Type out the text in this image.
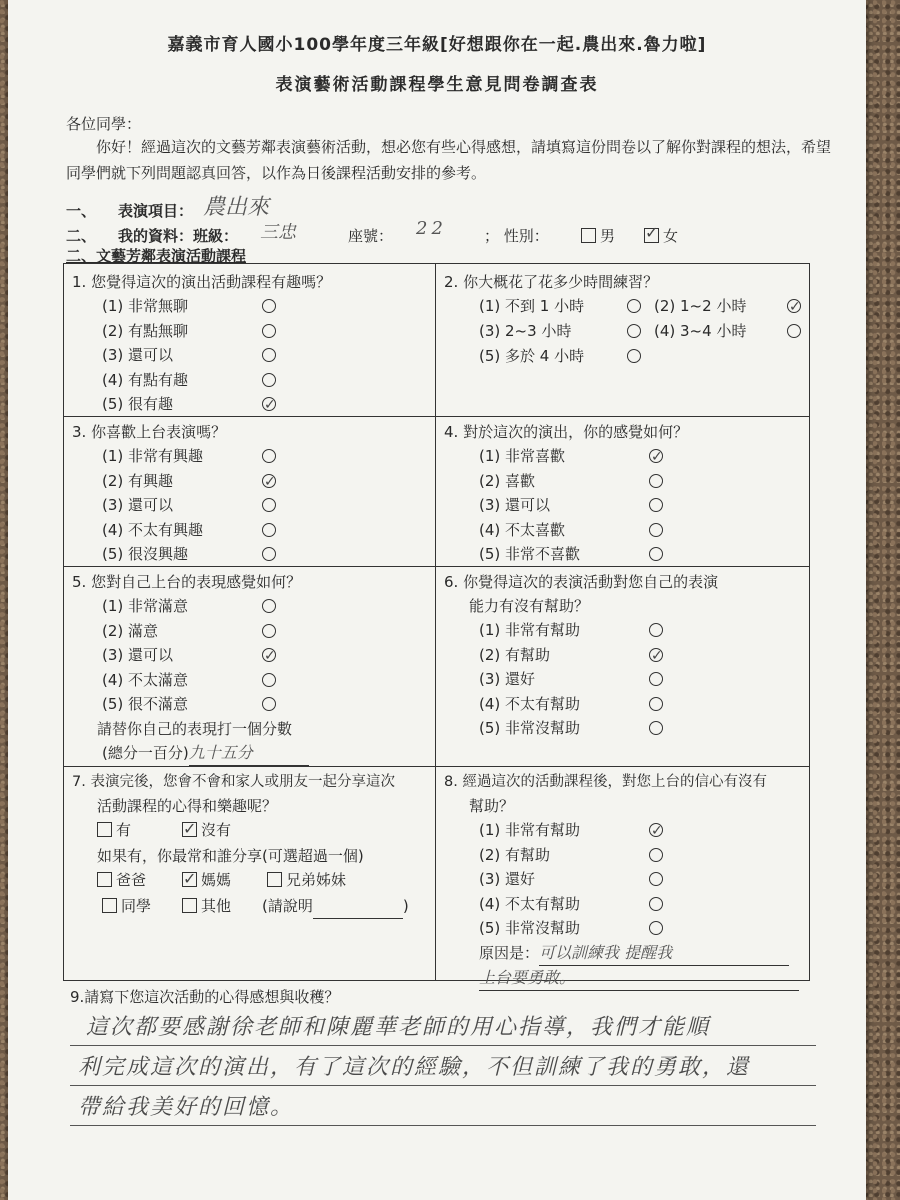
嘉義市育人國小100學年度三年級[好想跟你在一起.農出來.魯力啦]
表演藝術活動課程學生意見問卷調查表
各位同學：
你好！經過這次的文藝芳鄰表演藝術活動，想必您有些心得感想，請填寫這份問卷以了解你對課程的想法，希望同學們就下列問題認真回答，以作為日後課程活動安排的參考。
一、 表演項目： 農出來
二、 我的資料：班級： 三忠	座號： 22 ； 性別：	男 ✓	女
二、文藝芳鄰表演活動課程
1. 您覺得這次的演出活動課程有趣嗎？
(1) 非常無聊
(2) 有點無聊
(3) 還可以
(4) 有點有趣
(5) 很有趣
✓
2. 你大概花了花多少時間練習？
(1) 不到 1 小時	(2) 1~2 小時
✓
(3) 2~3 小時	(4) 3~4 小時
(5) 多於 4 小時
3. 你喜歡上台表演嗎？
(1) 非常有興趣
(2) 有興趣
✓
(3) 還可以
(4) 不太有興趣
(5) 很沒興趣
4. 對於這次的演出，你的感覺如何？
(1) 非常喜歡
✓
(2) 喜歡
(3) 還可以
(4) 不太喜歡
(5) 非常不喜歡
5. 您對自己上台的表現感覺如何？
(1) 非常滿意
(2) 滿意
(3) 還可以
✓
(4) 不太滿意
(5) 很不滿意
請替你自己的表現打一個分數
(總分一百分)九十五分
6. 你覺得這次的表演活動對您自己的表演
能力有沒有幫助？
(1) 非常有幫助
(2) 有幫助
✓
(3) 還好
(4) 不太有幫助
(5) 非常沒幫助
7. 表演完後，您會不會和家人或朋友一起分享這次
活動課程的心得和樂趣呢？
有 ✓	沒有
如果有，你最常和誰分享(可選超過一個)
爸爸 ✓	媽媽	兄弟姊妹
同學	其他 (請說明	)
8. 經過這次的活動課程後，對您上台的信心有沒有
幫助？
(1) 非常有幫助
✓
(2) 有幫助
(3) 還好
(4) 不太有幫助
(5) 非常沒幫助
原因是：可以訓練我 提醒我
上台要勇敢。
9.請寫下您這次活動的心得感想與收穫？
這次都要感謝徐老師和陳麗華老師的用心指導，我們才能順
利完成這次的演出，有了這次的經驗，不但訓練了我的勇敢，還
帶給我美好的回憶。
